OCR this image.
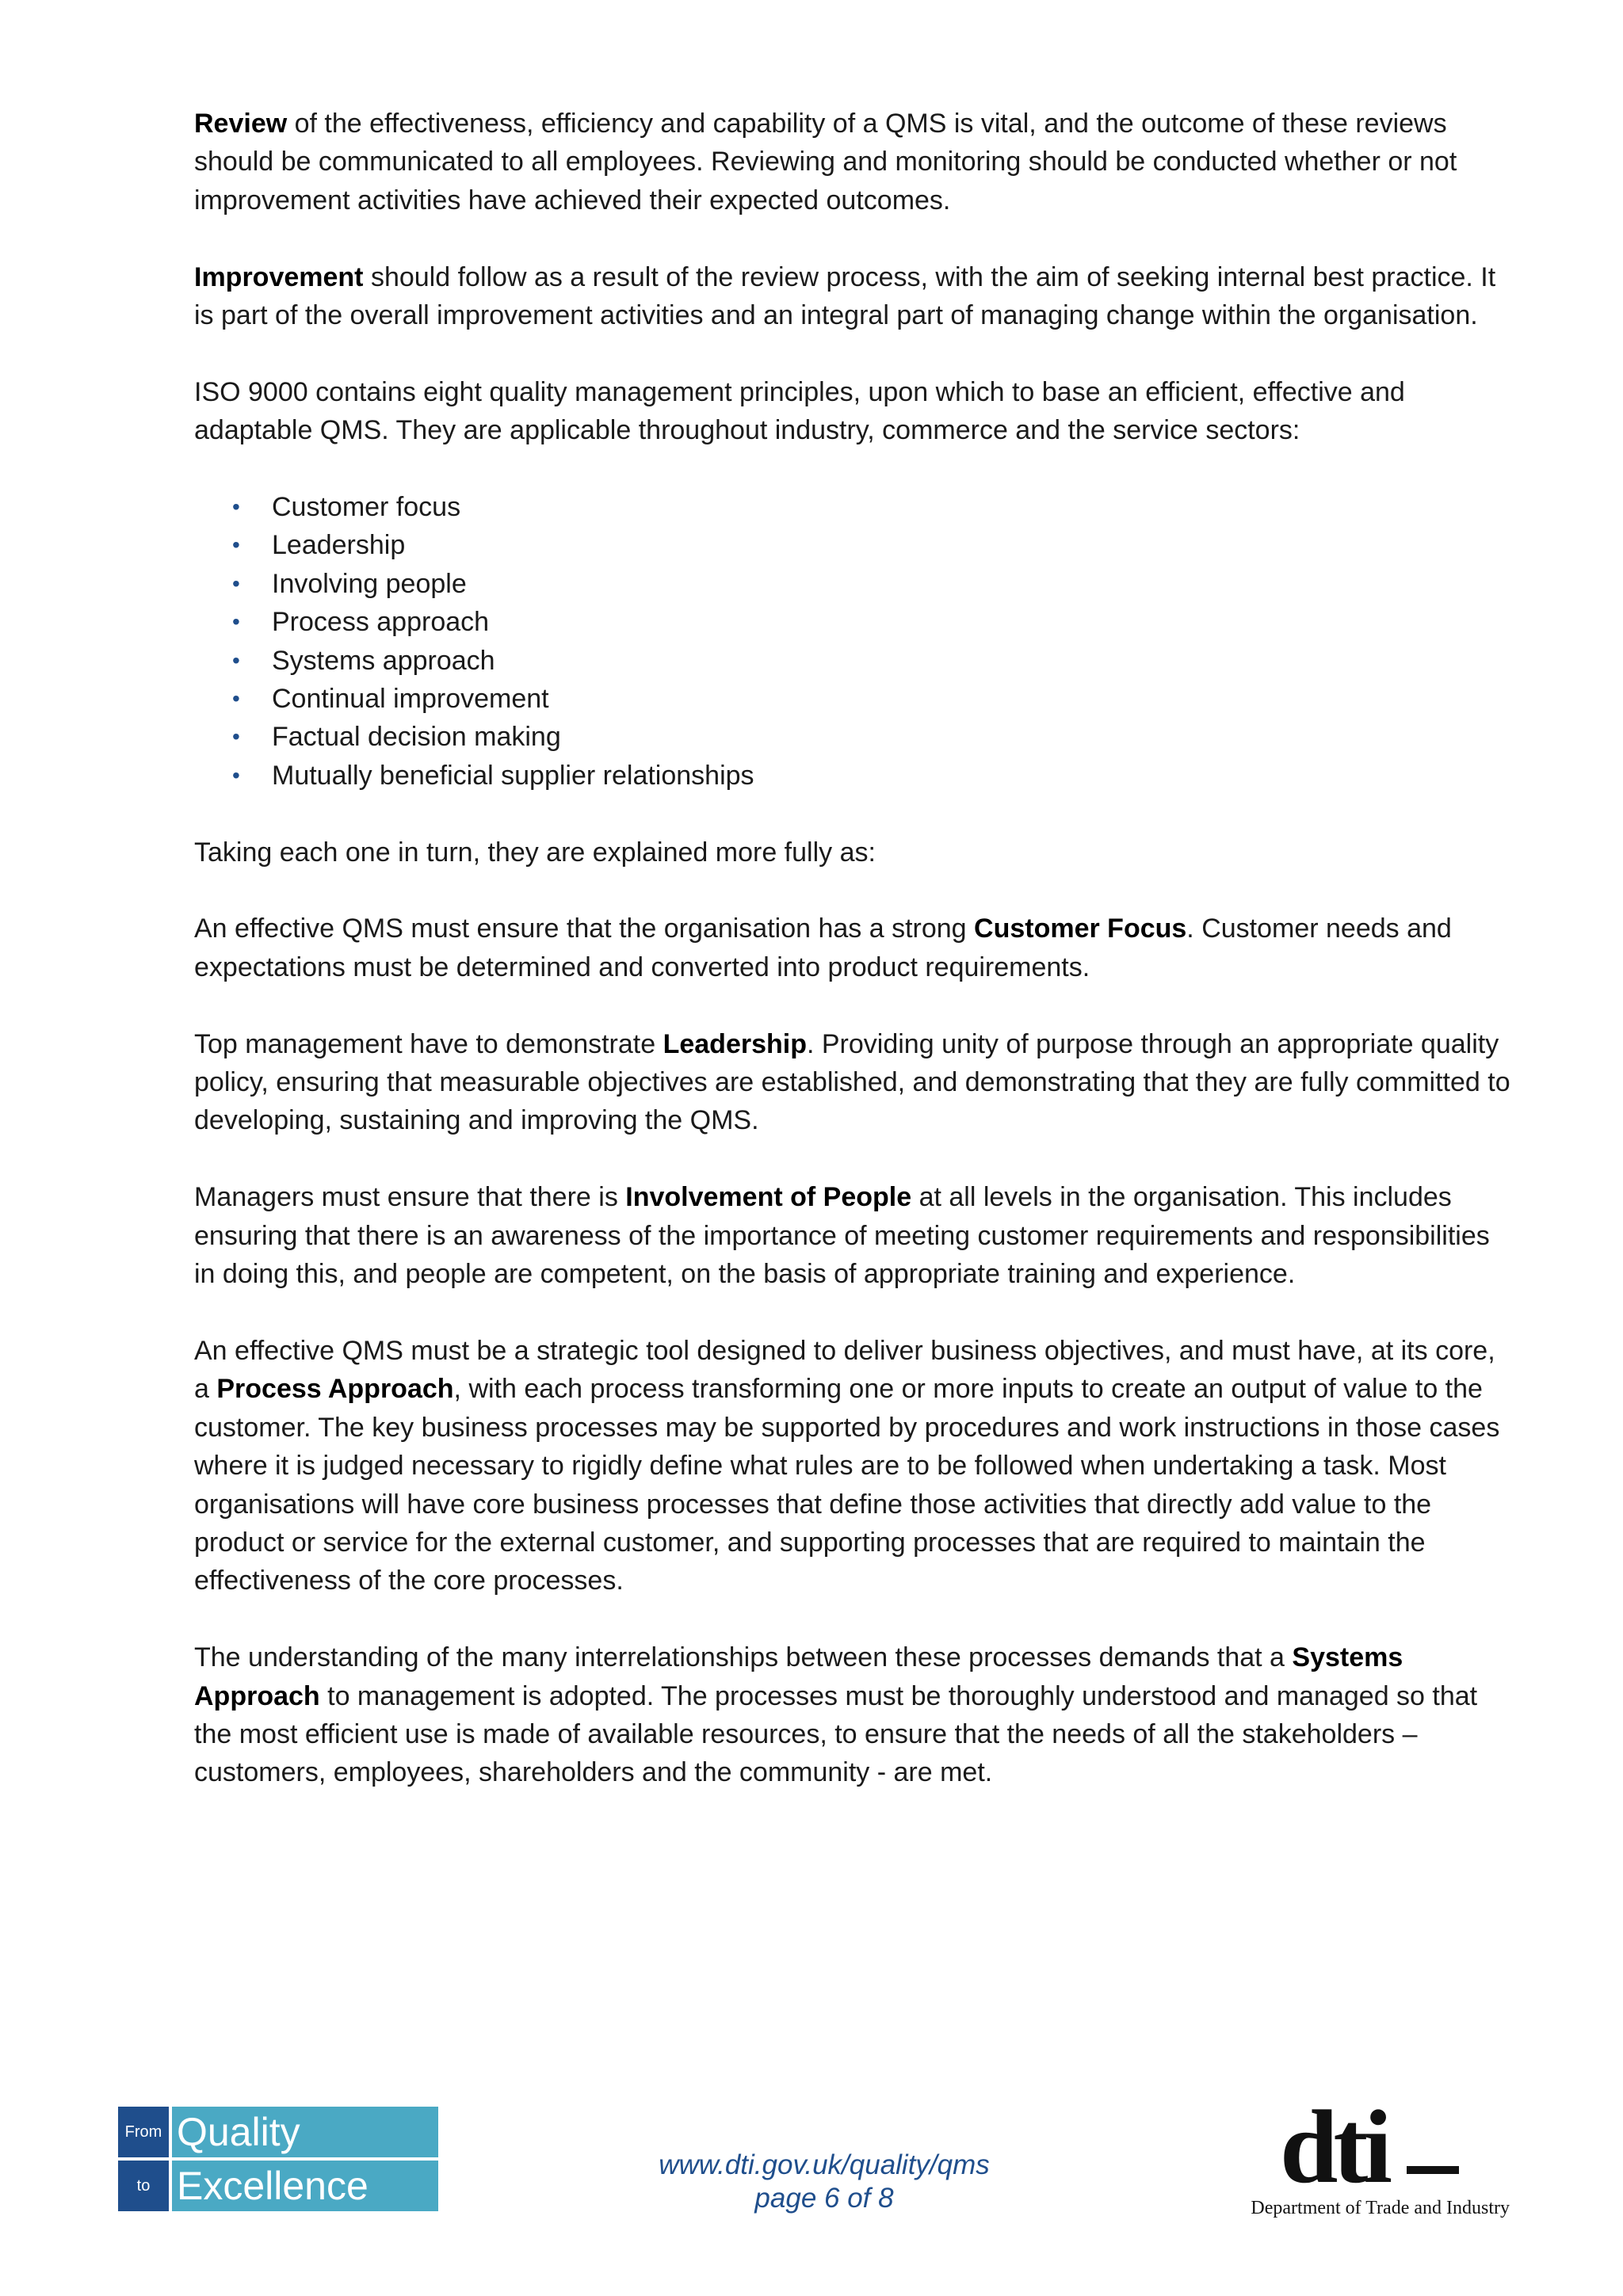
Review of the effectiveness, efficiency and capability of a QMS is vital, and the outcome of these reviews should be communicated to all employees. Reviewing and monitoring should be conducted whether or not improvement activities have achieved their expected outcomes.

Improvement should follow as a result of the review process, with the aim of seeking internal best practice. It is part of the overall improvement activities and an integral part of managing change within the organisation.

ISO 9000 contains eight quality management principles, upon which to base an efficient, effective and adaptable QMS. They are applicable throughout industry, commerce and the service sectors:

• Customer focus
• Leadership
• Involving people
• Process approach
• Systems approach
• Continual improvement
• Factual decision making
• Mutually beneficial supplier relationships

Taking each one in turn, they are explained more fully as:

An effective QMS must ensure that the organisation has a strong Customer Focus. Customer needs and expectations must be determined and converted into product requirements.

Top management have to demonstrate Leadership. Providing unity of purpose through an appropriate quality policy, ensuring that measurable objectives are established, and demonstrating that they are fully committed to developing, sustaining and improving the QMS.

Managers must ensure that there is Involvement of People at all levels in the organisation. This includes ensuring that there is an awareness of the importance of meeting customer requirements and responsibilities in doing this, and people are competent, on the basis of appropriate training and experience.

An effective QMS must be a strategic tool designed to deliver business objectives, and must have, at its core, a Process Approach, with each process transforming one or more inputs to create an output of value to the customer. The key business processes may be supported by procedures and work instructions in those cases where it is judged necessary to rigidly define what rules are to be followed when undertaking a task. Most organisations will have core business processes that define those activities that directly add value to the product or service for the external customer, and supporting processes that are required to maintain the effectiveness of the core processes.

The understanding of the many interrelationships between these processes demands that a Systems Approach to management is adopted. The processes must be thoroughly understood and managed so that the most efficient use is made of available resources, to ensure that the needs of all the stakeholders – customers, employees, shareholders and the community - are met.

From Quality
to Excellence	www.dti.gov.uk/quality/qms
page 6 of 8	dti
Department of Trade and Industry
